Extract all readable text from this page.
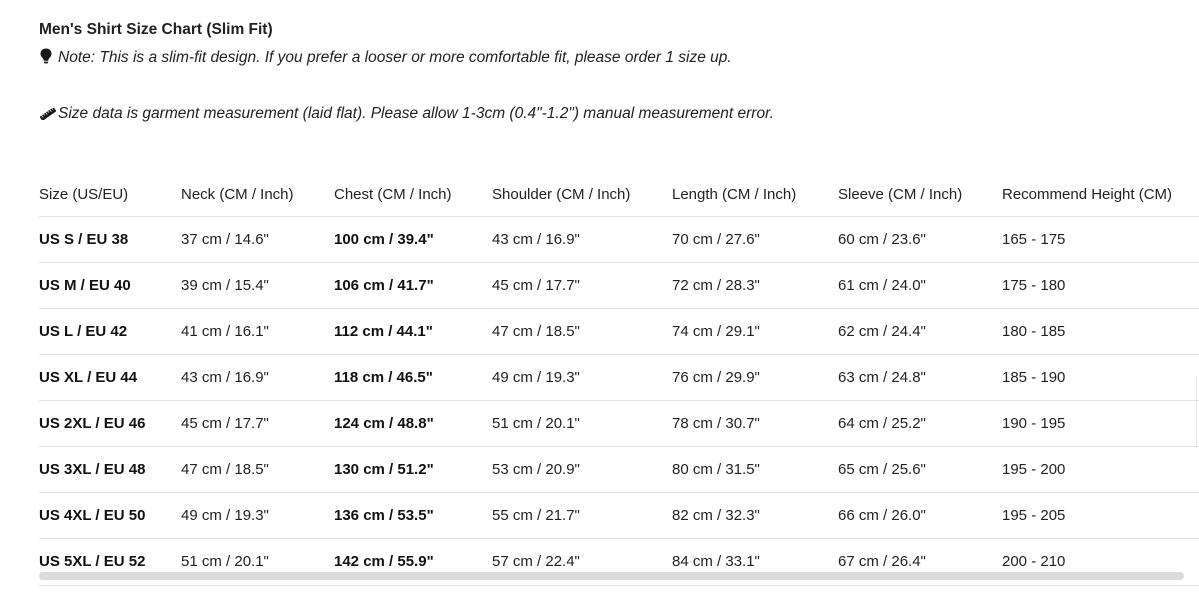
Men's Shirt Size Chart (Slim Fit)
Note: This is a slim-fit design. If you prefer a looser or more comfortable fit, please order 1 size up.
Size data is garment measurement (laid flat). Please allow 1-3cm (0.4"-1.2") manual measurement error.
Size (US/EU)	Neck (CM / Inch)	Chest (CM / Inch)	Shoulder (CM / Inch)	Length (CM / Inch)	Sleeve (CM / Inch)	Recommend Height (CM)
US S / EU 38	37 cm / 14.6"	100 cm / 39.4"	43 cm / 16.9"	70 cm / 27.6"	60 cm / 23.6"	165 - 175
US M / EU 40	39 cm / 15.4"	106 cm / 41.7"	45 cm / 17.7"	72 cm / 28.3"	61 cm / 24.0"	175 - 180
US L / EU 42	41 cm / 16.1"	112 cm / 44.1"	47 cm / 18.5"	74 cm / 29.1"	62 cm / 24.4"	180 - 185
US XL / EU 44	43 cm / 16.9"	118 cm / 46.5"	49 cm / 19.3"	76 cm / 29.9"	63 cm / 24.8"	185 - 190
US 2XL / EU 46	45 cm / 17.7"	124 cm / 48.8"	51 cm / 20.1"	78 cm / 30.7"	64 cm / 25.2"	190 - 195
US 3XL / EU 48	47 cm / 18.5"	130 cm / 51.2"	53 cm / 20.9"	80 cm / 31.5"	65 cm / 25.6"	195 - 200
US 4XL / EU 50	49 cm / 19.3"	136 cm / 53.5"	55 cm / 21.7"	82 cm / 32.3"	66 cm / 26.0"	195 - 205
US 5XL / EU 52	51 cm / 20.1"	142 cm / 55.9"	57 cm / 22.4"	84 cm / 33.1"	67 cm / 26.4"	200 - 210
